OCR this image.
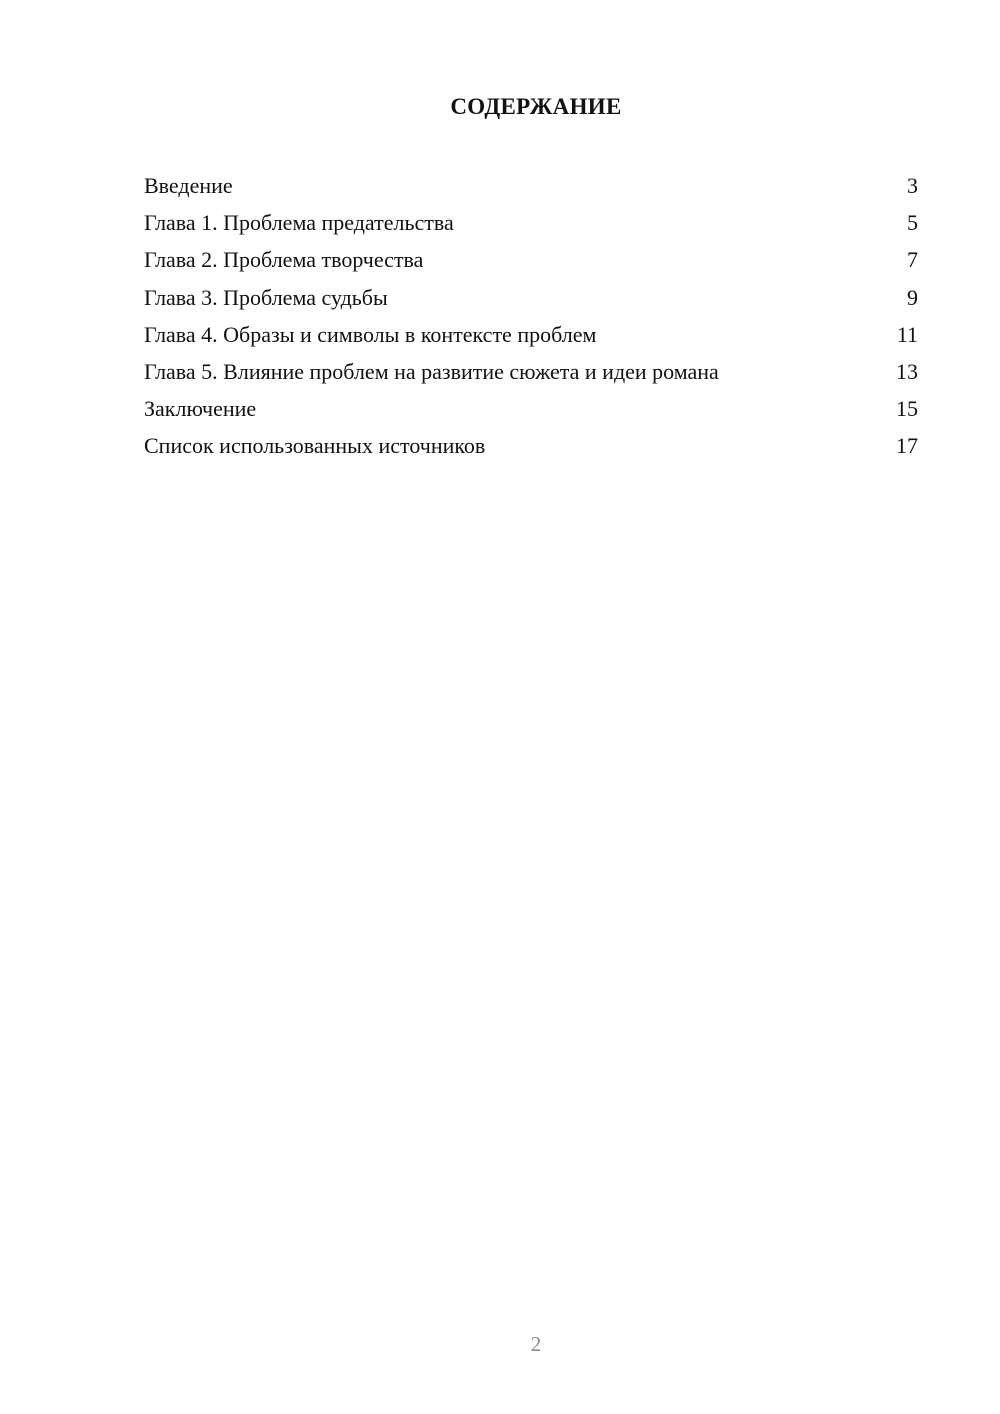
СОДЕРЖАНИЕ
Введение	3
Глава 1. Проблема предательства	5
Глава 2. Проблема творчества	7
Глава 3. Проблема судьбы	9
Глава 4. Образы и символы в контексте проблем	11
Глава 5. Влияние проблем на развитие сюжета и идеи романа	13
Заключение	15
Список использованных источников	17
2
